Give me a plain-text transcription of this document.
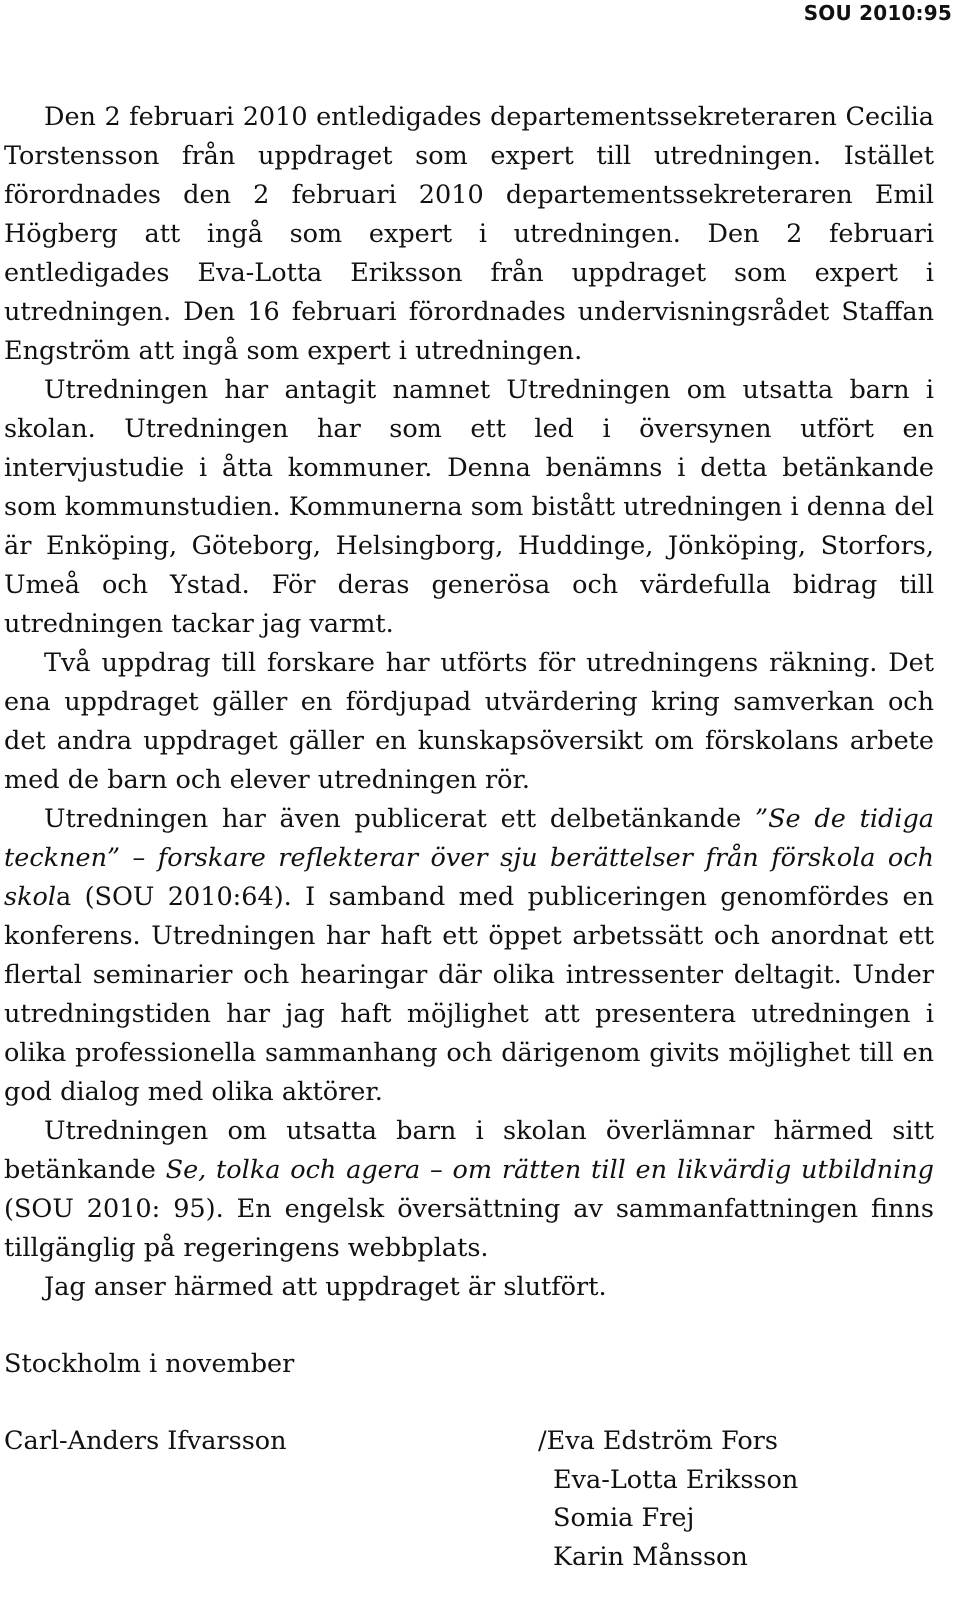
SOU 2010:95

Den 2 februari 2010 entledigades departementssekreteraren Cecilia Torstensson från uppdraget som expert till utredningen. Istället förordnades den 2 februari 2010 departementssekreteraren Emil Högberg att ingå som expert i utredningen. Den 2 februari entledigades Eva-Lotta Eriksson från uppdraget som expert i utredningen. Den 16 februari förordnades undervisningsrådet Staffan Engström att ingå som expert i utredningen.

Utredningen har antagit namnet Utredningen om utsatta barn i skolan. Utredningen har som ett led i översynen utfört en intervjustudie i åtta kommuner. Denna benämns i detta betänkande som kommunstudien. Kommunerna som bistått utredningen i denna del är Enköping, Göteborg, Helsingborg, Huddinge, Jönköping, Storfors, Umeå och Ystad. För deras generösa och värdefulla bidrag till utredningen tackar jag varmt.

Två uppdrag till forskare har utförts för utredningens räkning. Det ena uppdraget gäller en fördjupad utvärdering kring samverkan och det andra uppdraget gäller en kunskapsöversikt om förskolans arbete med de barn och elever utredningen rör.

Utredningen har även publicerat ett delbetänkande ”Se de tidiga tecknen” – forskare reflekterar över sju berättelser från förskola och skola (SOU 2010:64). I samband med publiceringen genomfördes en konferens. Utredningen har haft ett öppet arbetssätt och anordnat ett flertal seminarier och hearingar där olika intressenter deltagit. Under utredningstiden har jag haft möjlighet att presentera utredningen i olika professionella sammanhang och därigenom givits möjlighet till en god dialog med olika aktörer.

Utredningen om utsatta barn i skolan överlämnar härmed sitt betänkande Se, tolka och agera – om rätten till en likvärdig utbildning (SOU 2010: 95). En engelsk översättning av sammanfattningen finns tillgänglig på regeringens webbplats.

Jag anser härmed att uppdraget är slutfört.

Stockholm i november
Carl-Anders Ifvarsson	/Eva Edström Fors
Eva-Lotta Eriksson
Somia Frej
Karin Månsson
